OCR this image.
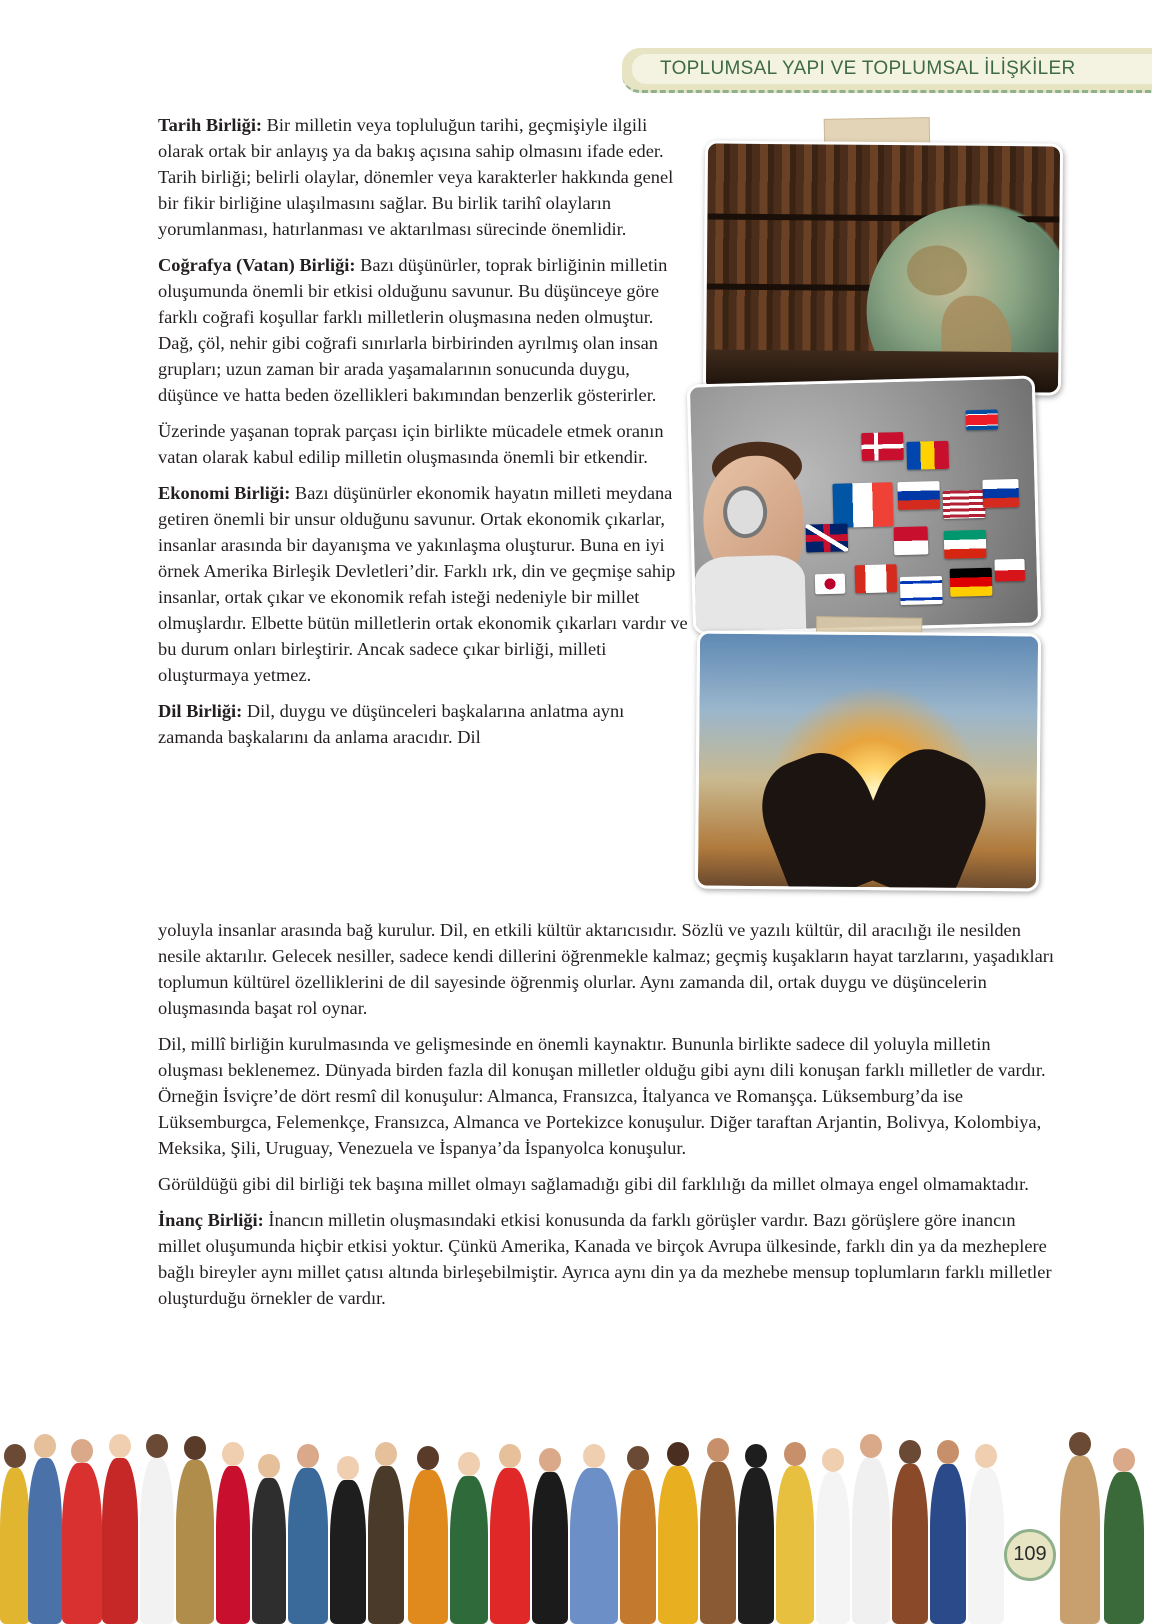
TOPLUMSAL YAPI VE TOPLUMSAL İLİŞKİLER

Tarih Birliği: Bir milletin veya topluluğun tarihi, geçmişiyle ilgili olarak ortak bir anlayış ya da bakış açısına sahip olmasını ifade eder. Tarih birliği; belirli olaylar, dönemler veya karakterler hakkında genel bir fikir birliğine ulaşılmasını sağlar. Bu birlik tarihî olayların yorumlanması, hatırlanması ve aktarılması sürecinde önemlidir.

Coğrafya (Vatan) Birliği: Bazı düşünürler, toprak birliğinin milletin oluşumunda önemli bir etkisi olduğunu savunur. Bu düşünceye göre farklı coğrafi koşullar farklı milletlerin oluşmasına neden olmuştur. Dağ, çöl, nehir gibi coğrafi sınırlarla birbirinden ayrılmış olan insan grupları; uzun zaman bir arada yaşamalarının sonucunda duygu, düşünce ve hatta beden özellikleri bakımından benzerlik gösterirler.

Üzerinde yaşanan toprak parçası için birlikte mücadele etmek oranın vatan olarak kabul edilip milletin oluşmasında önemli bir etkendir.

Ekonomi Birliği: Bazı düşünürler ekonomik hayatın milleti meydana getiren önemli bir unsur olduğunu savunur. Ortak ekonomik çıkarlar, insanlar arasında bir dayanışma ve yakınlaşma oluşturur. Buna en iyi örnek Amerika Birleşik Devletleri’dir. Farklı ırk, din ve geçmişe sahip insanlar, ortak çıkar ve ekonomik refah isteği nedeniyle bir millet olmuşlardır. Elbette bütün milletlerin ortak ekonomik çıkarları vardır ve bu durum onları birleştirir. Ancak sadece çıkar birliği, milleti oluşturmaya yetmez.

Dil Birliği: Dil, duygu ve düşünceleri başkalarına anlatma aynı zamanda başkalarını da anlama aracıdır. Dil

yoluyla insanlar arasında bağ kurulur. Dil, en etkili kültür aktarıcısıdır. Sözlü ve yazılı kültür, dil aracılığı ile nesilden nesile aktarılır. Gelecek nesiller, sadece kendi dillerini öğrenmekle kalmaz; geçmiş kuşakların hayat tarzlarını, yaşadıkları toplumun kültürel özelliklerini de dil sayesinde öğrenmiş olurlar. Aynı zamanda dil, ortak duygu ve düşüncelerin oluşmasında başat rol oynar.

Dil, millî birliğin kurulmasında ve gelişmesinde en önemli kaynaktır. Bununla birlikte sadece dil yoluyla milletin oluşması beklenemez. Dünyada birden fazla dil konuşan milletler olduğu gibi aynı dili konuşan farklı milletler de vardır. Örneğin İsviçre’de dört resmî dil konuşulur: Almanca, Fransızca, İtalyanca ve Romanşça. Lüksemburg’da ise Lüksemburgca, Felemenkçe, Fransızca, Almanca ve Portekizce konuşulur. Diğer taraftan Arjantin, Bolivya, Kolombiya, Meksika, Şili, Uruguay, Venezuela ve İspanya’da İspanyolca konuşulur.

Görüldüğü gibi dil birliği tek başına millet olmayı sağlamadığı gibi dil farklılığı da millet olmaya engel olmamaktadır.

İnanç Birliği: İnancın milletin oluşmasındaki etkisi konusunda da farklı görüşler vardır. Bazı görüşlere göre inancın millet oluşumunda hiçbir etkisi yoktur. Çünkü Amerika, Kanada ve birçok Avrupa ülkesinde, farklı din ya da mezheplere bağlı bireyler aynı millet çatısı altında birleşebilmiştir. Ayrıca aynı din ya da mezhebe mensup toplumların farklı milletler oluşturduğu örnekler de vardır.

109
